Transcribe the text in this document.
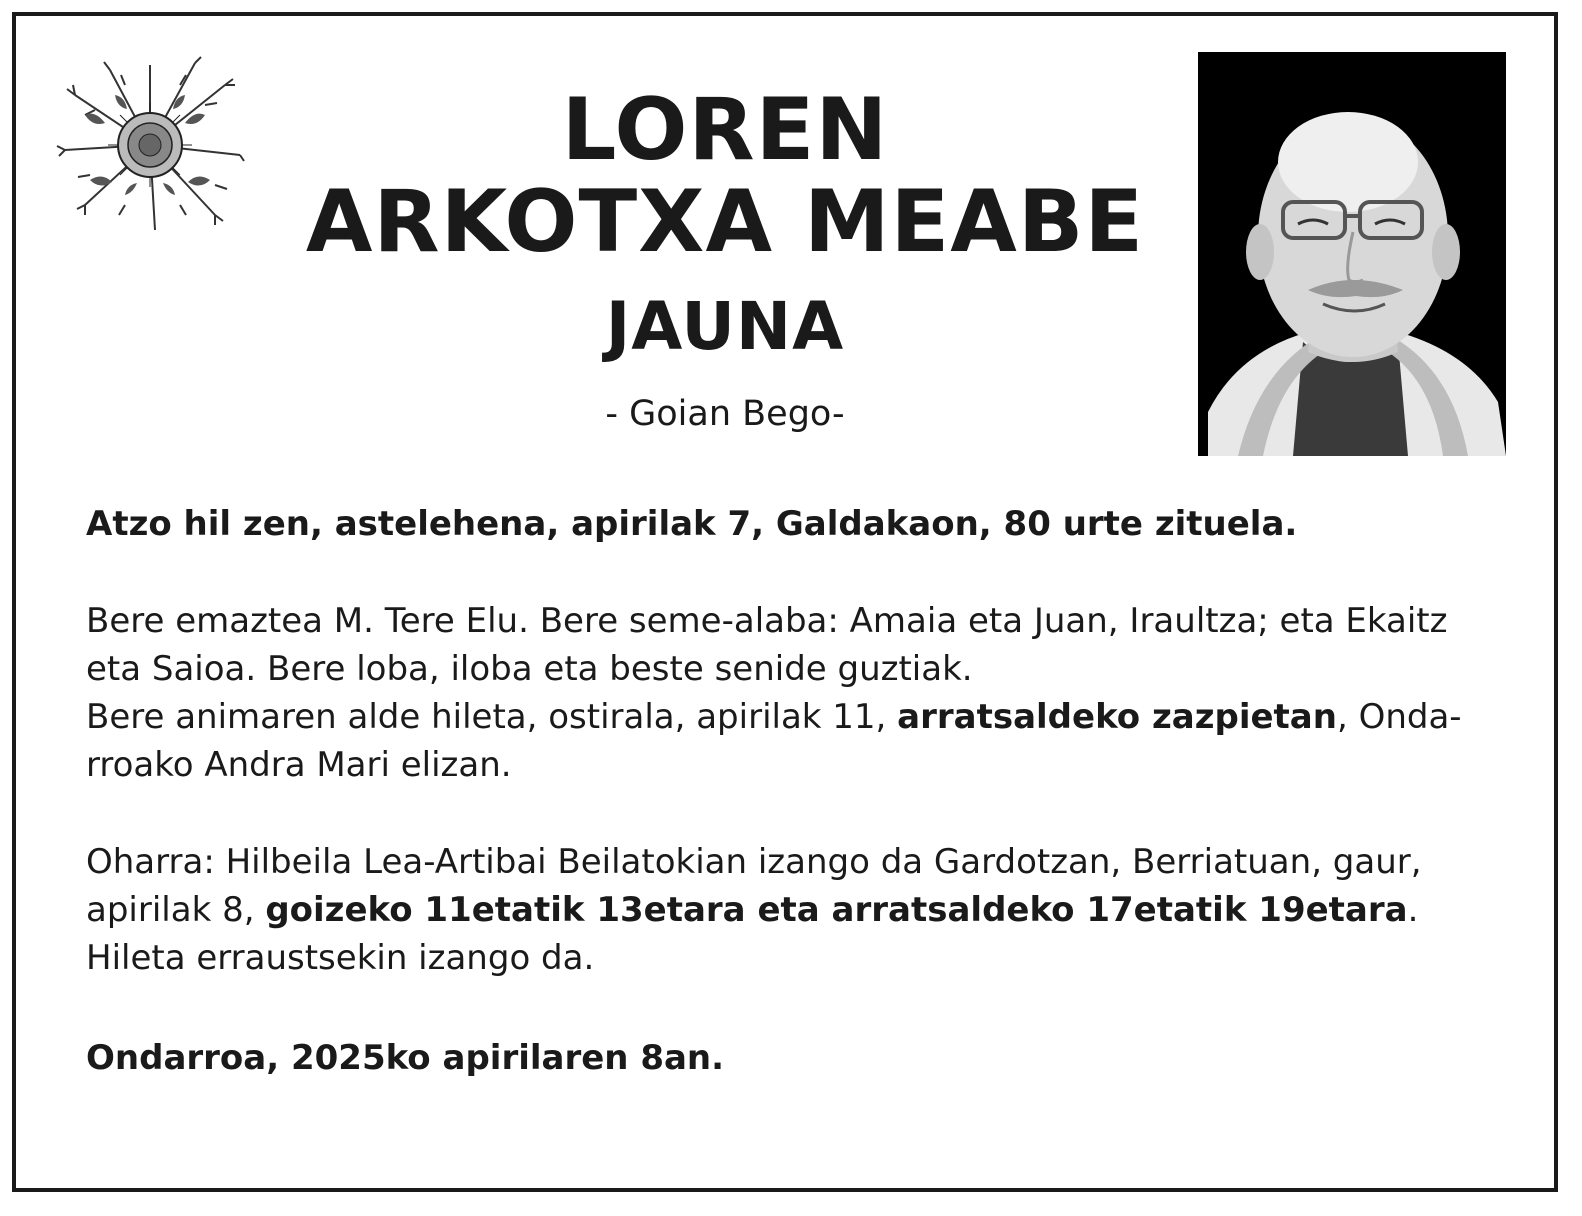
LOREN
ARKOTXA MEABE
JAUNA
- Goian Bego-
Atzo hil zen, astelehena, apirilak 7, Galdakaon, 80 urte zituela.
Bere emaztea M. Tere Elu. Bere seme-alaba: Amaia eta Juan, Iraultza; eta Ekaitz
eta Saioa. Bere loba, iloba eta beste senide guztiak.
Bere animaren alde hileta, ostirala, apirilak 11, arratsaldeko zazpietan, Onda-
rroako Andra Mari elizan.
Oharra: Hilbeila Lea-Artibai Beilatokian izango da Gardotzan, Berriatuan, gaur,
apirilak 8, goizeko 11etatik 13etara eta arratsaldeko 17etatik 19etara.
Hileta erraustsekin izango da.
Ondarroa, 2025ko apirilaren 8an.
